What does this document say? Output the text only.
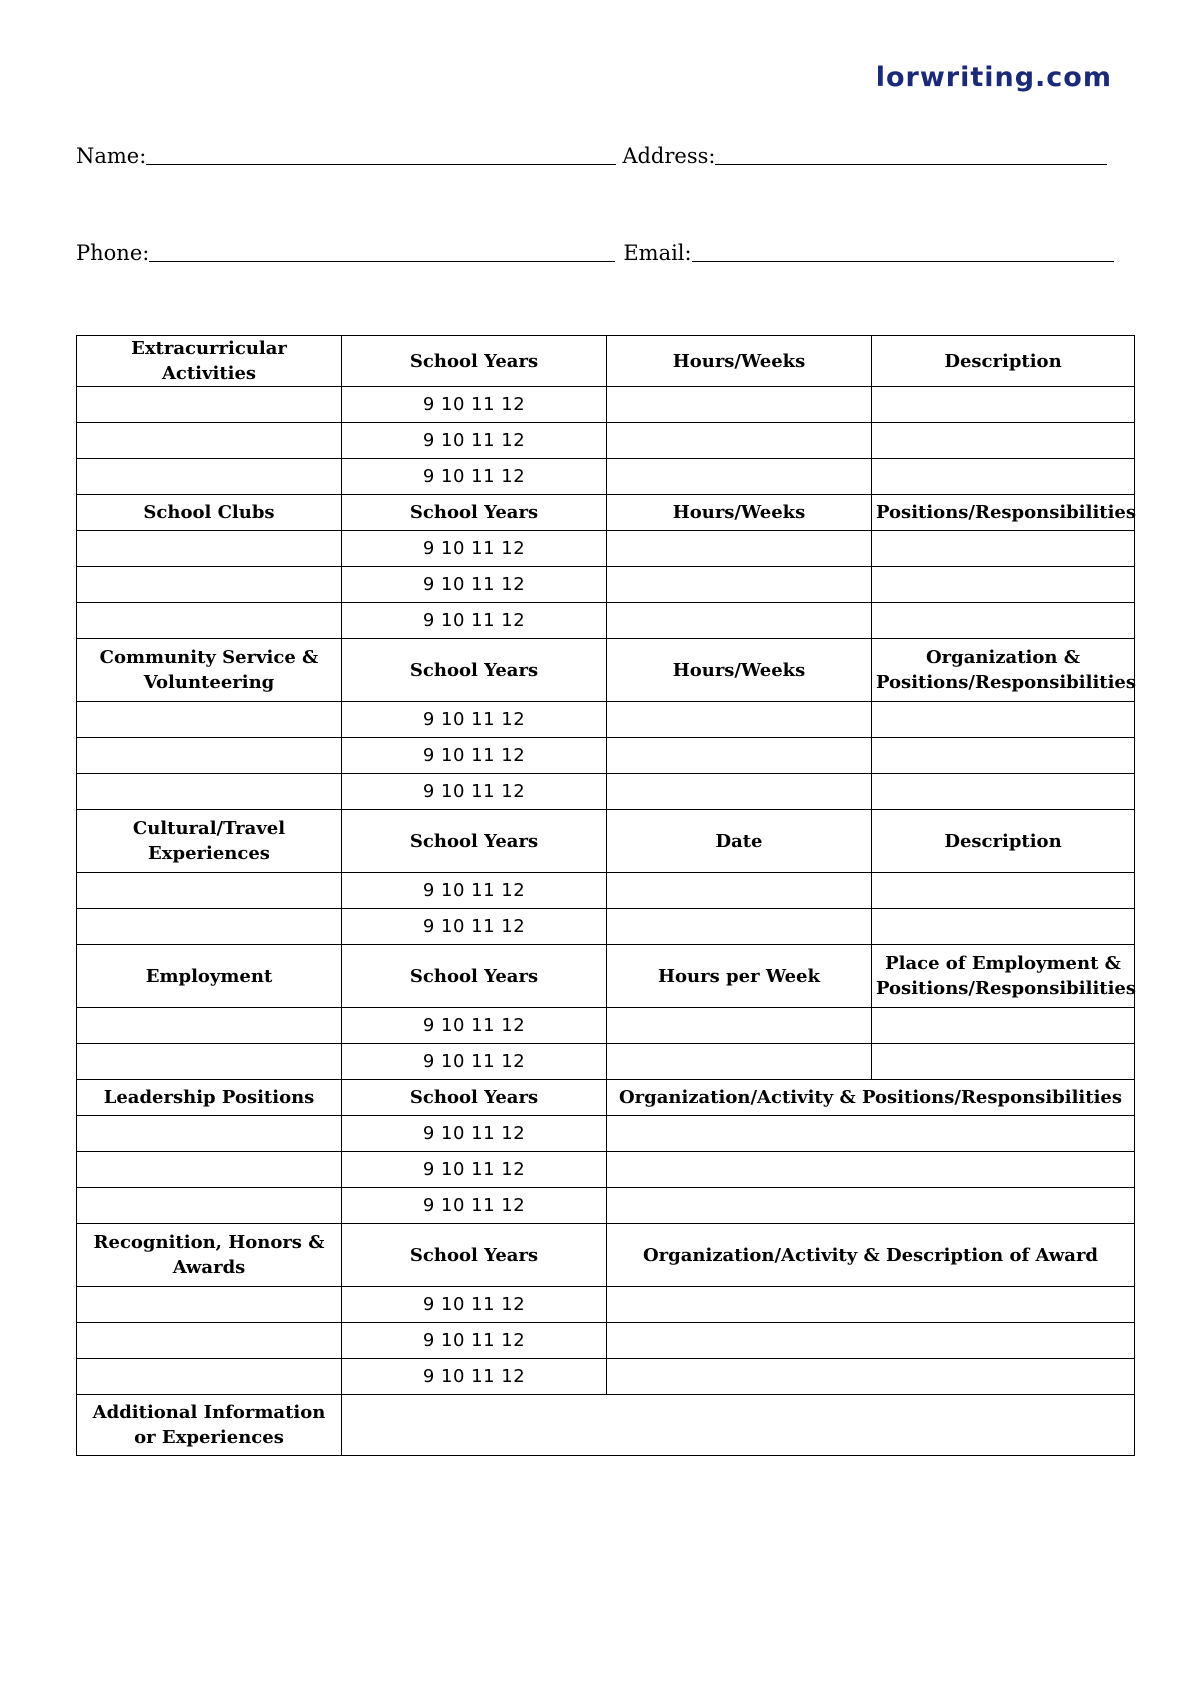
lorwriting.com
Name:	Address:
Phone:	Email:
Extracurricular Activities	School Years	Hours/Weeks	Description
	9 10 11 12		
	9 10 11 12		
	9 10 11 12		
School Clubs	School Years	Hours/Weeks	Positions/Responsibilities
	9 10 11 12		
	9 10 11 12		
	9 10 11 12		
Community Service & Volunteering	School Years	Hours/Weeks	Organization & Positions/Responsibilities
	9 10 11 12		
	9 10 11 12		
	9 10 11 12		
Cultural/Travel Experiences	School Years	Date	Description
	9 10 11 12		
	9 10 11 12		
Employment	School Years	Hours per Week	Place of Employment & Positions/Responsibilities
	9 10 11 12		
	9 10 11 12		
Leadership Positions	School Years	Organization/Activity & Positions/Responsibilities	
	9 10 11 12		
	9 10 11 12		
	9 10 11 12		
Recognition, Honors & Awards	School Years	Organization/Activity & Description of Award	
	9 10 11 12		
	9 10 11 12		
	9 10 11 12		
Additional Information or Experiences			
